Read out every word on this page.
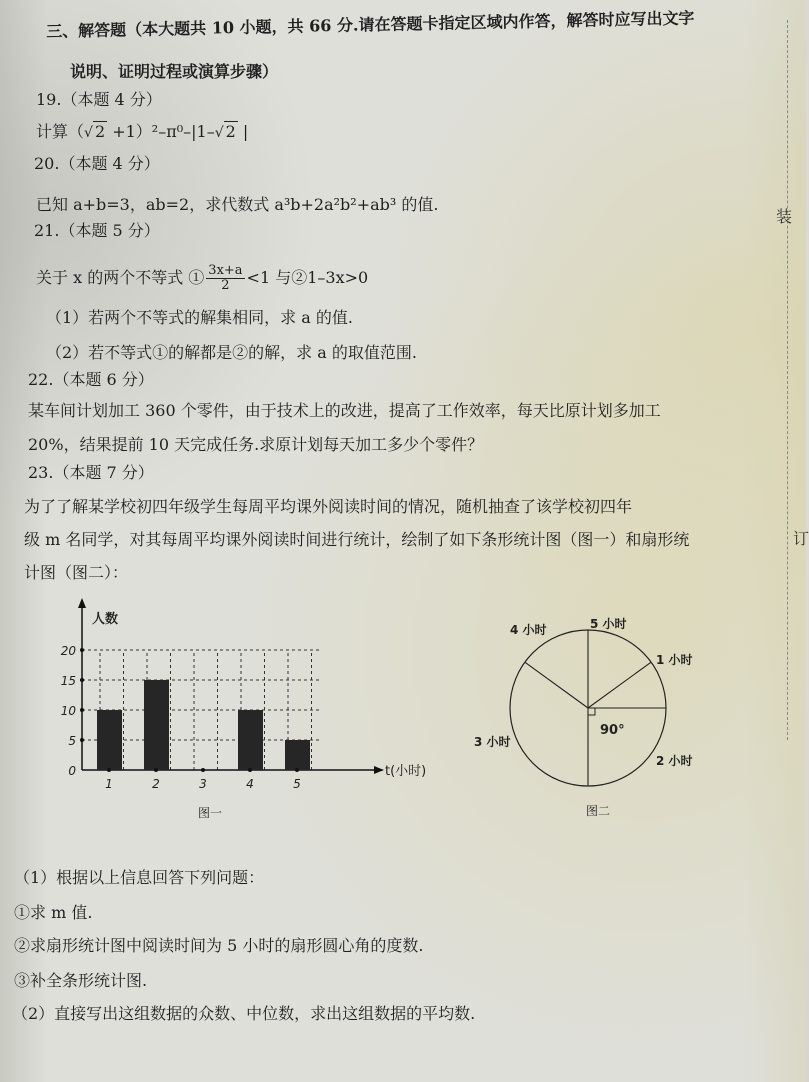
三、解答题（本大题共 10 小题，共 66 分.请在答题卡指定区域内作答，解答时应写出文字
说明、证明过程或演算步骤）
19.（本题 4 分）
计算（√ 2 +1）²–π⁰–|1–√ 2 |
20.（本题 4 分）
已知 a+b=3，ab=2，求代数式 a³b+2a²b²+ab³ 的值.
21.（本题 5 分）
关于 x 的两个不等式 ① $\frac{3x+a}{2} <1$ 与②1–3x>0
（1）若两个不等式的解集相同，求 a 的值.
（2）若不等式①的解都是②的解，求 a 的取值范围.
22.（本题 6 分）
某车间计划加工 360 个零件，由于技术上的改进，提高了工作效率，每天比原计划多加工
20%，结果提前 10 天完成任务.求原计划每天加工多少个零件？
23.（本题 7 分）
为了了解某学校初四年级学生每周平均课外阅读时间的情况，随机抽查了该学校初四年
级 m 名同学，对其每周平均课外阅读时间进行统计，绘制了如下条形统计图（图一）和扇形统
计图（图二）：
人数
t(小时)
0
5
10
15
20
1	2	3	4	5
图一
90°
4 小时	5 小时
1 小时
2 小时
3 小时
图二
（1）根据以上信息回答下列问题：
①求 m 值.
②求扇形统计图中阅读时间为 5 小时的扇形圆心角的度数.
③补全条形统计图.
（2）直接写出这组数据的众数、中位数，求出这组数据的平均数.
装
订
